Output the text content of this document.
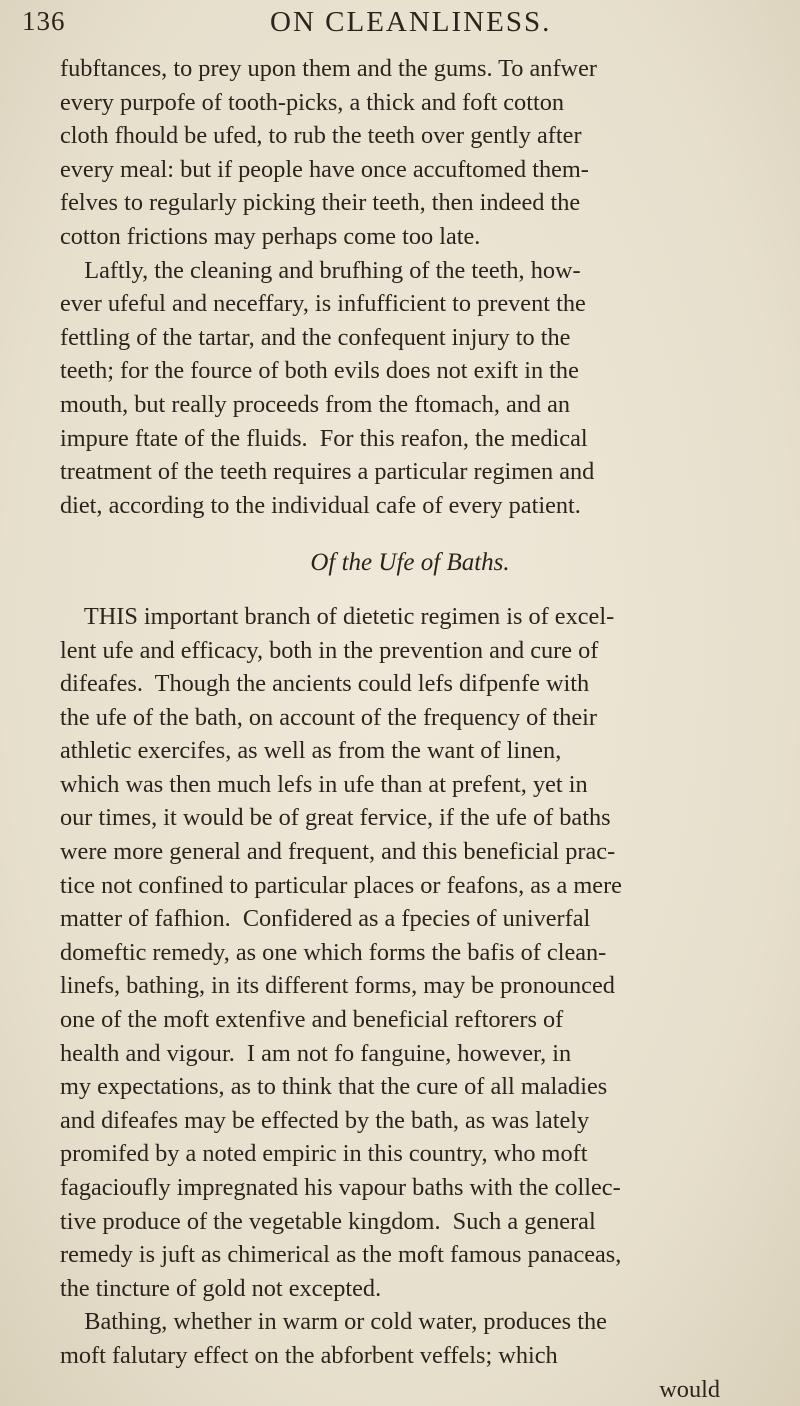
136	ON CLEANLINESS.
fubftances, to prey upon them and the gums. To anfwer
every purpofe of tooth-picks, a thick and foft cotton
cloth fhould be ufed, to rub the teeth over gently after
every meal: but if people have once accuftomed them-
felves to regularly picking their teeth, then indeed the
cotton frictions may perhaps come too late.
Laftly, the cleaning and brufhing of the teeth, how-
ever ufeful and neceffary, is infufficient to prevent the
fettling of the tartar, and the confequent injury to the
teeth; for the fource of both evils does not exift in the
mouth, but really proceeds from the ftomach, and an
impure ftate of the fluids.  For this reafon, the medical
treatment of the teeth requires a particular regimen and
diet, according to the individual cafe of every patient.
Of the Ufe of Baths.
THIS important branch of dietetic regimen is of excel-
lent ufe and efficacy, both in the prevention and cure of
difeafes.  Though the ancients could lefs difpenfe with
the ufe of the bath, on account of the frequency of their
athletic exercifes, as well as from the want of linen,
which was then much lefs in ufe than at prefent, yet in
our times, it would be of great fervice, if the ufe of baths
were more general and frequent, and this beneficial prac-
tice not confined to particular places or feafons, as a mere
matter of fafhion.  Confidered as a fpecies of univerfal
domeftic remedy, as one which forms the bafis of clean-
linefs, bathing, in its different forms, may be pronounced
one of the moft extenfive and beneficial reftorers of
health and vigour.  I am not fo fanguine, however, in
my expectations, as to think that the cure of all maladies
and difeafes may be effected by the bath, as was lately
promifed by a noted empiric in this country, who moft
fagacioufly impregnated his vapour baths with the collec-
tive produce of the vegetable kingdom.  Such a general
remedy is juft as chimerical as the moft famous panaceas,
the tincture of gold not excepted.
Bathing, whether in warm or cold water, produces the
moft falutary effect on the abforbent veffels; which
would
